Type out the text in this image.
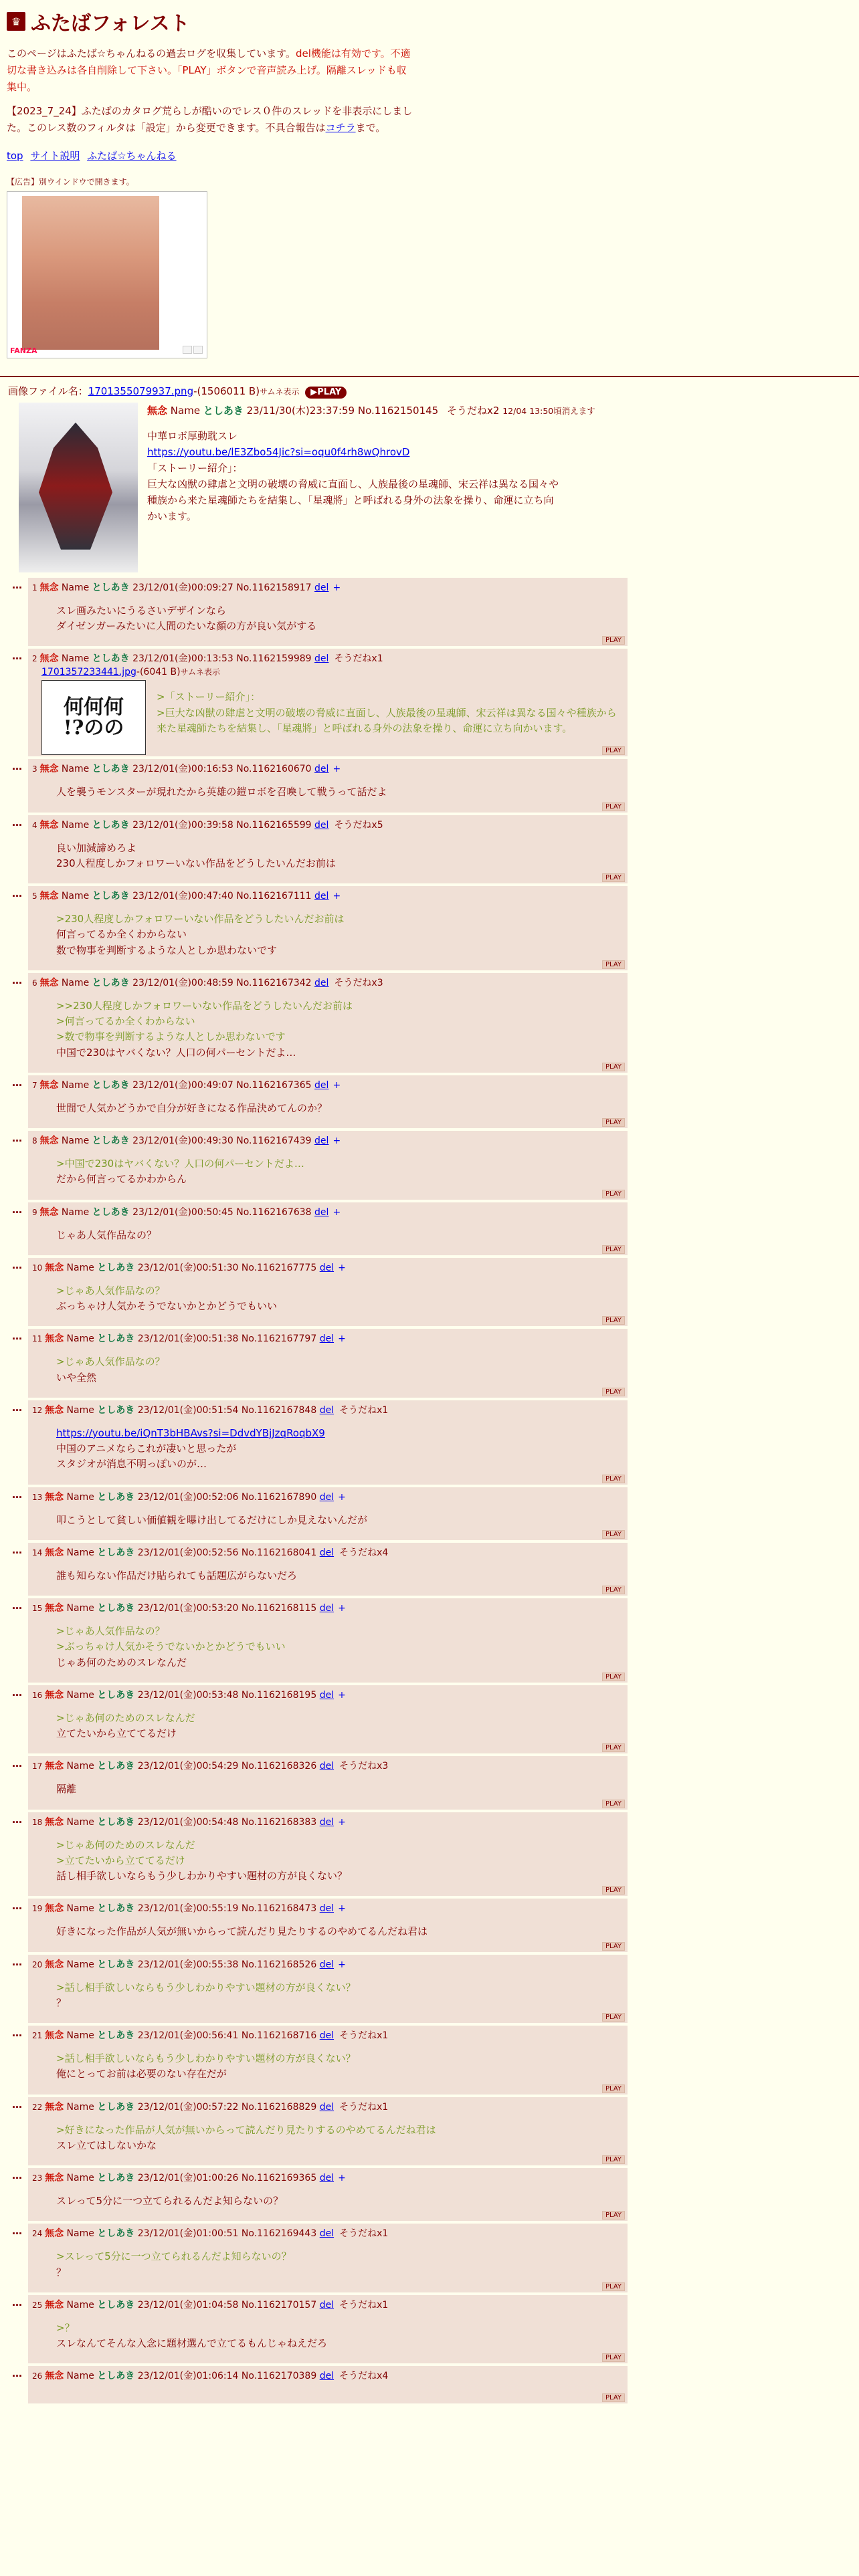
♛ ふたばフォレスト

このページはふたば☆ちゃんねるの過去ログを収集しています。del機能は有効です。不適切な書き込みは各自削除して下さい。「PLAY」ボタンで音声読み上げ。隔離スレッドも収集中。

【2023_7_24】ふたばのカタログ荒らしが酷いのでレス０件のスレッドを非表示にしました。このレス数のフィルタは「設定」から変更できます。不具合報告はコチラまで。

top サイト説明 ふたば☆ちゃんねる
【広告】別ウインドウで開きます。
FANZA
画像ファイル名：1701355079937.png-(1506011 B)サムネ表示 ▶PLAY
無念 Name としあき 23/11/30(木)23:37:59 No.1162150145 そうだねx2 12/04 13:50頃消えます
中華ロボ厚動耽スレ
https://youtu.be/lE3Zbo54Jic?si=oqu0f4rh8wQhrovD
「ストーリー紹介」：
巨大な凶獣の肆虐と文明の破壊の脅威に直面し、人族最後の星魂師、宋云祥は異なる国々や種族から来た星魂師たちを結集し、「星魂將」と呼ばれる身外の法象を操り、命運に立ち向かいます。
…	1 無念 Name としあき 23/12/01(金)00:09:27 No.1162158917 del +
スレ画みたいにうるさいデザインなら
ダイゼンガーみたいに人間のたいな顔の方が良い気がする
PLAY
…	2 無念 Name としあき 23/12/01(金)00:13:53 No.1162159989 del そうだねx1
1701357233441.jpg-(6041 B)サムネ表示
何何何
!?のの
>「ストーリー紹介」：
>巨大な凶獣の肆虐と文明の破壊の脅威に直面し、人族最後の星魂師、宋云祥は異なる国々や種族から来た星魂師たちを結集し、「星魂將」と呼ばれる身外の法象を操り、命運に立ち向かいます。
PLAY
…	3 無念 Name としあき 23/12/01(金)00:16:53 No.1162160670 del +
人を襲うモンスターが現れたから英雄の鎧ロボを召喚して戦うって話だよ
PLAY
…	4 無念 Name としあき 23/12/01(金)00:39:58 No.1162165599 del そうだねx5
良い加減諦めろよ
230人程度しかフォロワーいない作品をどうしたいんだお前は
PLAY
…	5 無念 Name としあき 23/12/01(金)00:47:40 No.1162167111 del +
>230人程度しかフォロワーいない作品をどうしたいんだお前は
何言ってるか全くわからない
数で物事を判断するような人としか思わないです
PLAY
…	6 無念 Name としあき 23/12/01(金)00:48:59 No.1162167342 del そうだねx3
>>230人程度しかフォロワーいない作品をどうしたいんだお前は
>何言ってるか全くわからない
>数で物事を判断するような人としか思わないです
中国で230はヤバくない？人口の何パーセントだよ…
PLAY
…	7 無念 Name としあき 23/12/01(金)00:49:07 No.1162167365 del +
世間で人気かどうかで自分が好きになる作品決めてんのか？
PLAY
…	8 無念 Name としあき 23/12/01(金)00:49:30 No.1162167439 del +
>中国で230はヤバくない？人口の何パーセントだよ…
だから何言ってるかわからん
PLAY
…	9 無念 Name としあき 23/12/01(金)00:50:45 No.1162167638 del +
じゃあ人気作品なの？
PLAY
…	10 無念 Name としあき 23/12/01(金)00:51:30 No.1162167775 del +
>じゃあ人気作品なの？
ぶっちゃけ人気かそうでないかとかどうでもいい
PLAY
…	11 無念 Name としあき 23/12/01(金)00:51:38 No.1162167797 del +
>じゃあ人気作品なの？
いや全然
PLAY
…	12 無念 Name としあき 23/12/01(金)00:51:54 No.1162167848 del そうだねx1
https://youtu.be/iQnT3bHBAvs?si=DdvdYBjJzqRoqbX9
中国のアニメならこれが凄いと思ったが
スタジオが消息不明っぽいのが…
PLAY
…	13 無念 Name としあき 23/12/01(金)00:52:06 No.1162167890 del +
叩こうとして貧しい価値観を曝け出してるだけにしか見えないんだが
PLAY
…	14 無念 Name としあき 23/12/01(金)00:52:56 No.1162168041 del そうだねx4
誰も知らない作品だけ貼られても話題広がらないだろ
PLAY
…	15 無念 Name としあき 23/12/01(金)00:53:20 No.1162168115 del +
>じゃあ人気作品なの？
>ぶっちゃけ人気かそうでないかとかどうでもいい
じゃあ何のためのスレなんだ
PLAY
…	16 無念 Name としあき 23/12/01(金)00:53:48 No.1162168195 del +
>じゃあ何のためのスレなんだ
立てたいから立ててるだけ
PLAY
…	17 無念 Name としあき 23/12/01(金)00:54:29 No.1162168326 del そうだねx3
隔離
PLAY
…	18 無念 Name としあき 23/12/01(金)00:54:48 No.1162168383 del +
>じゃあ何のためのスレなんだ
>立てたいから立ててるだけ
話し相手欲しいならもう少しわかりやすい題材の方が良くない？
PLAY
…	19 無念 Name としあき 23/12/01(金)00:55:19 No.1162168473 del +
好きになった作品が人気が無いからって読んだり見たりするのやめてるんだね君は
PLAY
…	20 無念 Name としあき 23/12/01(金)00:55:38 No.1162168526 del +
>話し相手欲しいならもう少しわかりやすい題材の方が良くない？
？
PLAY
…	21 無念 Name としあき 23/12/01(金)00:56:41 No.1162168716 del そうだねx1
>話し相手欲しいならもう少しわかりやすい題材の方が良くない？
俺にとってお前は必要のない存在だが
PLAY
…	22 無念 Name としあき 23/12/01(金)00:57:22 No.1162168829 del そうだねx1
>好きになった作品が人気が無いからって読んだり見たりするのやめてるんだね君は
スレ立てはしないかな
PLAY
…	23 無念 Name としあき 23/12/01(金)01:00:26 No.1162169365 del +
スレって5分に一つ立てられるんだよ知らないの？
PLAY
…	24 無念 Name としあき 23/12/01(金)01:00:51 No.1162169443 del そうだねx1
>スレって5分に一つ立てられるんだよ知らないの？
？
PLAY
…	25 無念 Name としあき 23/12/01(金)01:04:58 No.1162170157 del そうだねx1
>？
スレなんてそんな入念に題材選んで立てるもんじゃねえだろ
PLAY
…	26 無念 Name としあき 23/12/01(金)01:06:14 No.1162170389 del そうだねx4
PLAY
